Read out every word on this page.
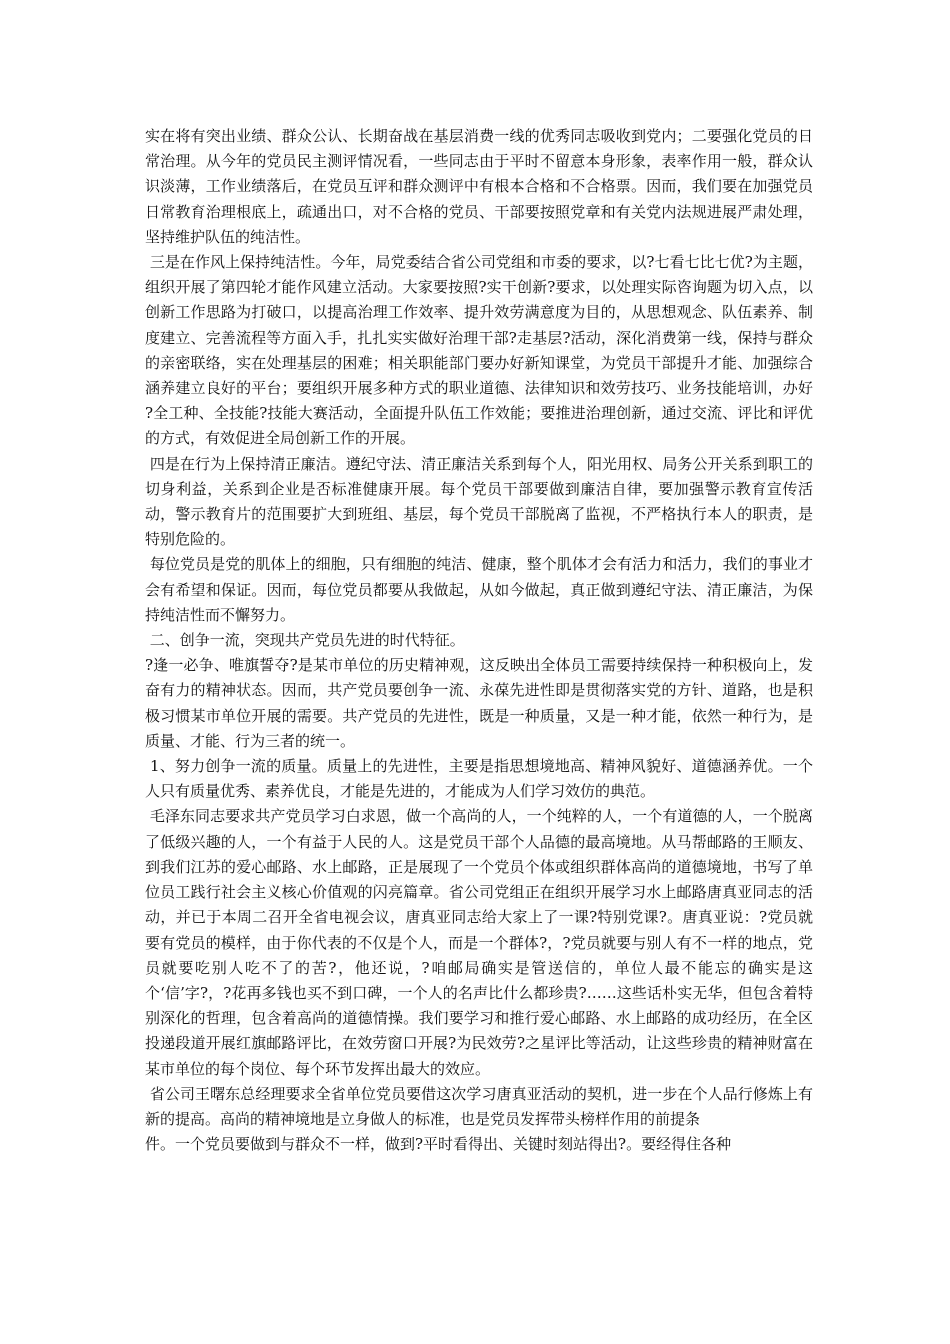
实在将有突出业绩、群众公认、长期奋战在基层消费一线的优秀同志吸收到党内；二要强化党员的日常治理。从今年的党员民主测评情况看，一些同志由于平时不留意本身形象，表率作用一般，群众认识淡薄，工作业绩落后，在党员互评和群众测评中有根本合格和不合格票。因而，我们要在加强党员日常教育治理根底上，疏通出口，对不合格的党员、干部要按照党章和有关党内法规进展严肃处理，坚持维护队伍的纯洁性。

三是在作风上保持纯洁性。今年，局党委结合省公司党组和市委的要求，以?七看七比七优?为主题，组织开展了第四轮才能作风建立活动。大家要按照?实干创新?要求，以处理实际咨询题为切入点，以创新工作思路为打破口，以提高治理工作效率、提升效劳满意度为目的，从思想观念、队伍素养、制度建立、完善流程等方面入手，扎扎实实做好治理干部?走基层?活动，深化消费第一线，保持与群众的亲密联络，实在处理基层的困难；相关职能部门要办好新知课堂，为党员干部提升才能、加强综合涵养建立良好的平台；要组织开展多种方式的职业道德、法律知识和效劳技巧、业务技能培训，办好 ?全工种、全技能?技能大赛活动，全面提升队伍工作效能；要推进治理创新，通过交流、评比和评优的方式，有效促进全局创新工作的开展。

四是在行为上保持清正廉洁。遵纪守法、清正廉洁关系到每个人，阳光用权、局务公开关系到职工的切身利益，关系到企业是否标准健康开展。每个党员干部要做到廉洁自律，要加强警示教育宣传活动，警示教育片的范围要扩大到班组、基层，每个党员干部脱离了监视，不严格执行本人的职责，是特别危险的。

每位党员是党的肌体上的细胞，只有细胞的纯洁、健康，整个肌体才会有活力和活力，我们的事业才会有希望和保证。因而，每位党员都要从我做起，从如今做起，真正做到遵纪守法、清正廉洁，为保持纯洁性而不懈努力。

二、创争一流，突现共产党员先进的时代特征。

?逢一必争、唯旗誓夺?是某市单位的历史精神观，这反映出全体员工需要持续保持一种积极向上，发奋有力的精神状态。因而，共产党员要创争一流、永葆先进性即是贯彻落实党的方针、道路，也是积极习惯某市单位开展的需要。共产党员的先进性，既是一种质量，又是一种才能，依然一种行为，是质量、才能、行为三者的统一。

1、努力创争一流的质量。质量上的先进性，主要是指思想境地高、精神风貌好、道德涵养优。一个人只有质量优秀、素养优良，才能是先进的，才能成为人们学习效仿的典范。

毛泽东同志要求共产党员学习白求恩，做一个高尚的人，一个纯粹的人，一个有道德的人，一个脱离了低级兴趣的人，一个有益于人民的人。这是党员干部个人品德的最高境地。从马帮邮路的王顺友、到我们江苏的爱心邮路、水上邮路，正是展现了一个党员个体或组织群体高尚的道德境地，书写了单位员工践行社会主义核心价值观的闪亮篇章。省公司党组正在组织开展学习水上邮路唐真亚同志的活动，并已于本周二召开全省电视会议，唐真亚同志给大家上了一课?特别党课?。唐真亚说：?党员就要有党员的模样，由于你代表的不仅是个人，而是一个群体?，?党员就要与别人有不一样的地点，党员就要吃别人吃不了的苦?，他还说，?咱邮局确实是管送信的，单位人最不能忘的确实是这个‘信’字?，?花再多钱也买不到口碑，一个人的名声比什么都珍贵?……这些话朴实无华，但包含着特别深化的哲理，包含着高尚的道德情操。我们要学习和推行爱心邮路、水上邮路的成功经历，在全区投递段道开展红旗邮路评比，在效劳窗口开展?为民效劳?之星评比等活动，让这些珍贵的精神财富在某市单位的每个岗位、每个环节发挥出最大的效应。

省公司王曙东总经理要求全省单位党员要借这次学习唐真亚活动的契机，进一步在个人品行修炼上有新的提高。高尚的精神境地是立身做人的标准，也是党员发挥带头榜样作用的前提条
件。一个党员要做到与群众不一样，做到?平时看得出、关键时刻站得出?。要经得住各种
